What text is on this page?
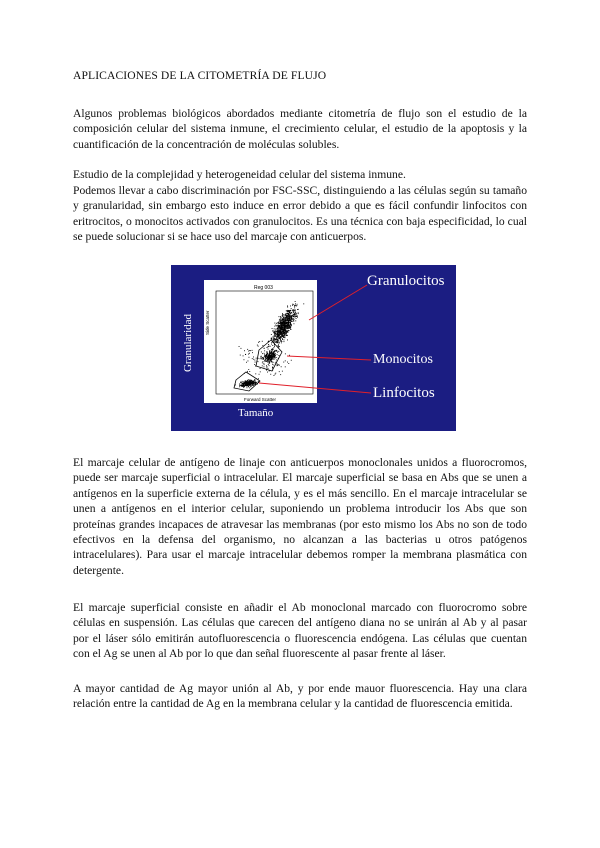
APLICACIONES DE LA CITOMETRÍA DE FLUJO

Algunos problemas biológicos abordados mediante citometría de flujo son el estudio de la composición celular del sistema inmune, el crecimiento celular, el estudio de la apoptosis y la cuantificación de la concentración de moléculas solubles.

Estudio de la complejidad y heterogeneidad celular del sistema inmune.

Podemos llevar a cabo discriminación por FSC-SSC, distinguiendo a las células según su tamaño y granularidad, sin embargo esto induce en error debido a que es fácil confundir linfocitos con eritrocitos, o monocitos activados con granulocitos. Es una técnica con baja especificidad, lo cual se puede solucionar si se hace uso del marcaje con anticuerpos.

Granularidad
Reg 003
Forward Scatter
Side Scatter
Granulocitos
Monocitos
Linfocitos
Tamaño

El marcaje celular de antígeno de linaje con anticuerpos monoclonales unidos a fluorocromos, puede ser marcaje superficial o intracelular. El marcaje superficial se basa en Abs que se unen a antígenos en la superficie externa de la célula, y es el más sencillo. En el marcaje intracelular se unen a antígenos en el interior celular, suponiendo un problema introducir los Abs que son proteínas grandes incapaces de atravesar las membranas (por esto mismo los Abs no son de todo efectivos en la defensa del organismo, no alcanzan a las bacterias u otros patógenos intracelulares). Para usar el marcaje intracelular debemos romper la membrana plasmática con detergente.

El marcaje superficial consiste en añadir el Ab monoclonal marcado con fluorocromo sobre células en suspensión. Las células que carecen del antígeno diana no se unirán al Ab y al pasar por el láser sólo emitirán autofluorescencia o fluorescencia endógena. Las células que cuentan con el Ag se unen al Ab por lo que dan señal fluorescente al pasar frente al láser.

A mayor cantidad de Ag mayor unión al Ab, y por ende mauor fluorescencia. Hay una clara relación entre la cantidad de Ag en la membrana celular y la cantidad de fluorescencia emitida.
